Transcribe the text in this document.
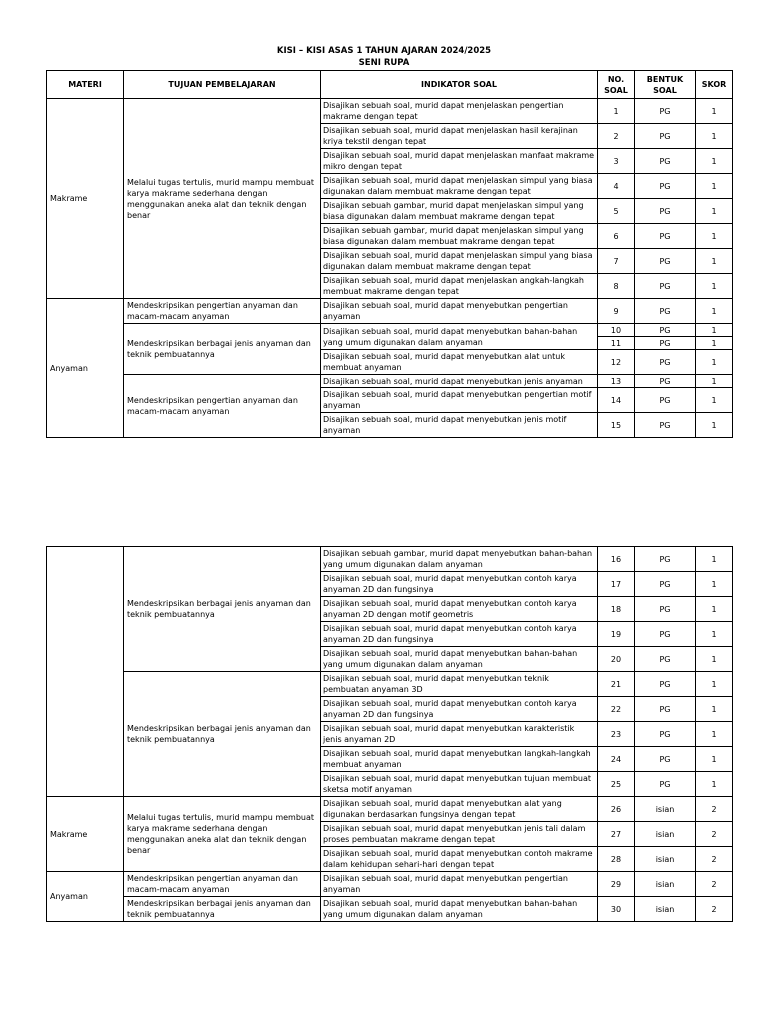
KISI – KISI ASAS 1 TAHUN AJARAN 2024/2025
SENI RUPA
MATERI	TUJUAN PEMBELAJARAN	INDIKATOR SOAL	NO. SOAL	BENTUK SOAL	SKOR
Makrame	Melalui tugas tertulis, murid mampu membuat karya makrame sederhana dengan menggunakan aneka alat dan teknik dengan benar	Disajikan sebuah soal, murid dapat menjelaskan pengertian makrame dengan tepat	1	PG	1
		Disajikan sebuah soal, murid dapat menjelaskan hasil kerajinan kriya tekstil dengan tepat	2	PG	1
		Disajikan sebuah soal, murid dapat menjelaskan manfaat makrame mikro dengan tepat	3	PG	1
		Disajikan sebuah soal, murid dapat menjelaskan simpul yang biasa digunakan dalam membuat makrame dengan tepat	4	PG	1
		Disajikan sebuah gambar, murid dapat menjelaskan simpul yang biasa digunakan dalam membuat makrame dengan tepat	5	PG	1
		Disajikan sebuah gambar, murid dapat menjelaskan simpul yang biasa digunakan dalam membuat makrame dengan tepat	6	PG	1
		Disajikan sebuah soal, murid dapat menjelaskan simpul yang biasa digunakan dalam membuat makrame dengan tepat	7	PG	1
		Disajikan sebuah soal, murid dapat menjelaskan angkah-langkah membuat makrame dengan tepat	8	PG	1
Anyaman	Mendeskripsikan pengertian anyaman dan macam-macam anyaman	Disajikan sebuah soal, murid dapat menyebutkan pengertian anyaman	9	PG	1
	Mendeskripsikan berbagai jenis anyaman dan teknik pembuatannya	Disajikan sebuah soal, murid dapat menyebutkan bahan-bahan yang umum digunakan dalam anyaman	10	PG	1
			11	PG	1
		Disajikan sebuah soal, murid dapat menyebutkan alat untuk membuat anyaman	12	PG	1
	Mendeskripsikan pengertian anyaman dan macam-macam anyaman	Disajikan sebuah soal, murid dapat menyebutkan jenis anyaman	13	PG	1
		Disajikan sebuah soal, murid dapat menyebutkan pengertian motif anyaman	14	PG	1
		Disajikan sebuah soal, murid dapat menyebutkan jenis motif anyaman	15	PG	1
	Mendeskripsikan berbagai jenis anyaman dan teknik pembuatannya	Disajikan sebuah gambar, murid dapat menyebutkan bahan-bahan yang umum digunakan dalam anyaman	16	PG	1
		Disajikan sebuah soal, murid dapat menyebutkan contoh karya anyaman 2D dan fungsinya	17	PG	1
		Disajikan sebuah soal, murid dapat menyebutkan contoh karya anyaman 2D dengan motif geometris	18	PG	1
		Disajikan sebuah soal, murid dapat menyebutkan contoh karya anyaman 2D dan fungsinya	19	PG	1
		Disajikan sebuah soal, murid dapat menyebutkan bahan-bahan yang umum digunakan dalam anyaman	20	PG	1
	Mendeskripsikan berbagai jenis anyaman dan teknik pembuatannya	Disajikan sebuah soal, murid dapat menyebutkan teknik pembuatan anyaman 3D	21	PG	1
		Disajikan sebuah soal, murid dapat menyebutkan contoh karya anyaman 2D dan fungsinya	22	PG	1
		Disajikan sebuah soal, murid dapat menyebutkan karakteristik jenis anyaman 2D	23	PG	1
		Disajikan sebuah soal, murid dapat menyebutkan langkah-langkah membuat anyaman	24	PG	1
		Disajikan sebuah soal, murid dapat menyebutkan tujuan membuat sketsa motif anyaman	25	PG	1
Makrame	Melalui tugas tertulis, murid mampu membuat karya makrame sederhana dengan menggunakan aneka alat dan teknik dengan benar	Disajikan sebuah soal, murid dapat menyebutkan alat yang digunakan berdasarkan fungsinya dengan tepat	26	isian	2
		Disajikan sebuah soal, murid dapat menyebutkan jenis tali dalam proses pembuatan makrame dengan tepat	27	isian	2
		Disajikan sebuah soal, murid dapat menyebutkan contoh makrame dalam kehidupan sehari-hari dengan tepat	28	isian	2
Anyaman	Mendeskripsikan pengertian anyaman dan macam-macam anyaman	Disajikan sebuah soal, murid dapat menyebutkan pengertian anyaman	29	isian	2
	Mendeskripsikan berbagai jenis anyaman dan teknik pembuatannya	Disajikan sebuah soal, murid dapat menyebutkan bahan-bahan yang umum digunakan dalam anyaman	30	isian	2
